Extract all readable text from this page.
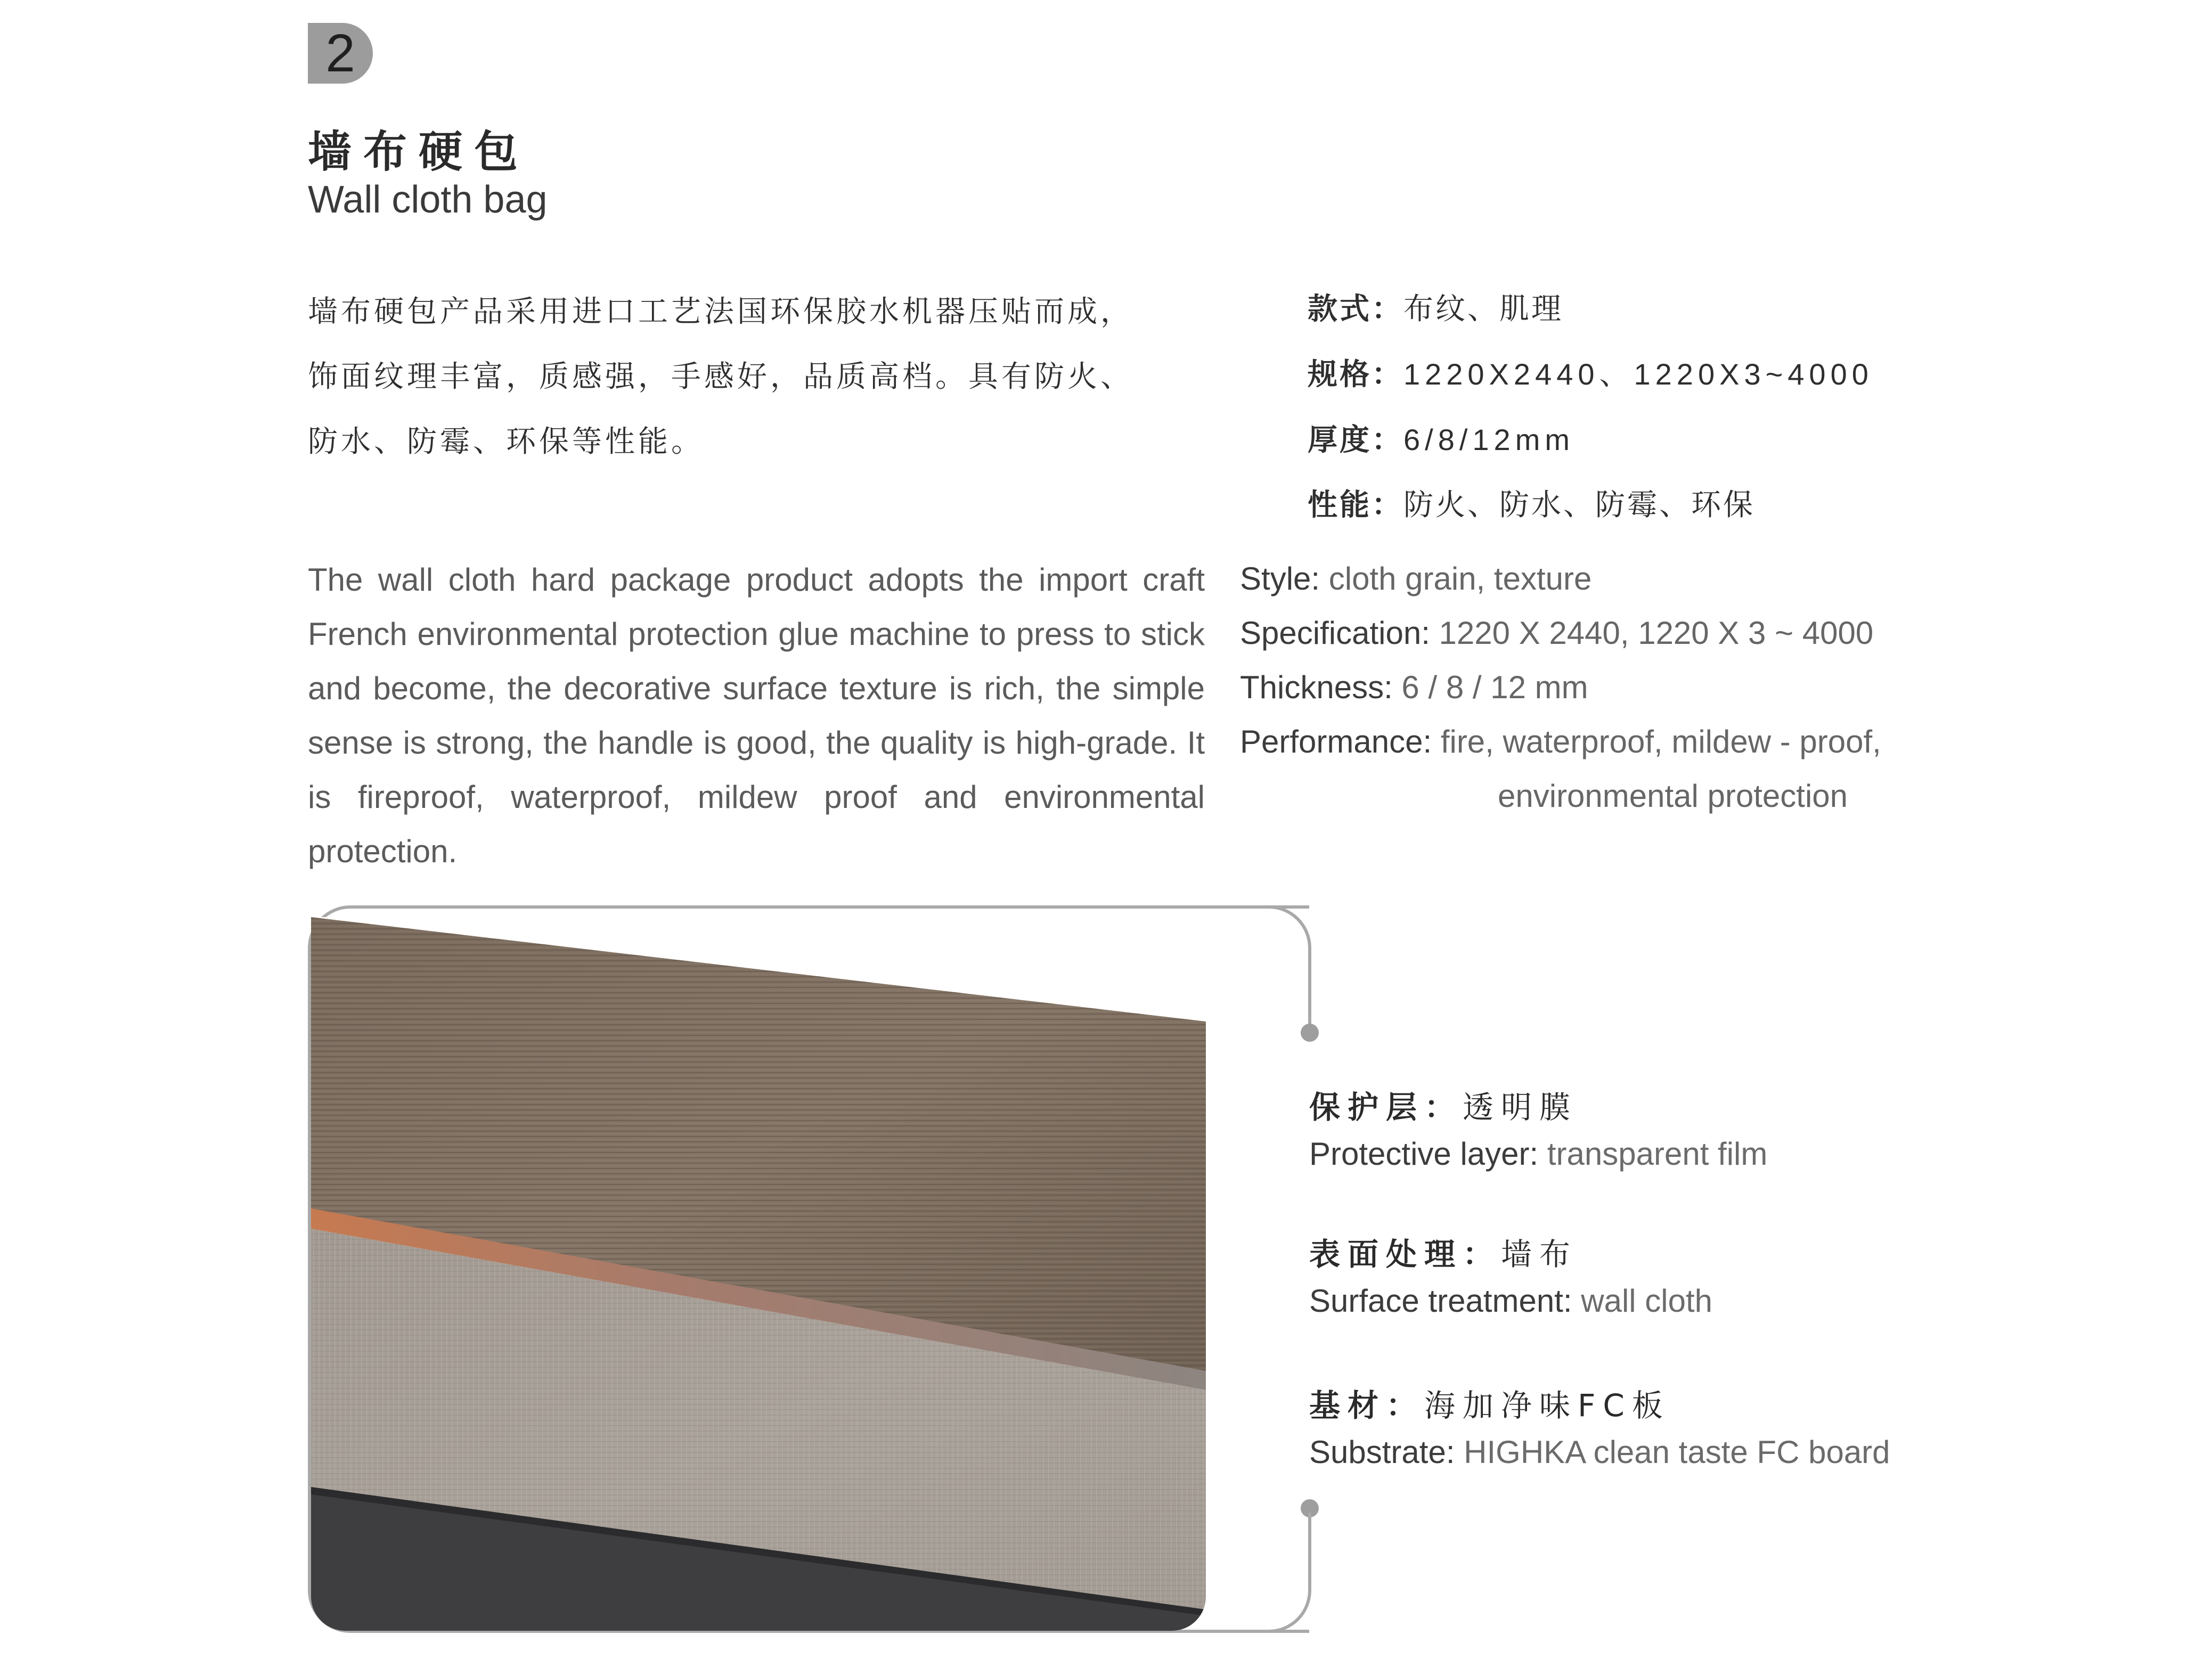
2
墙布硬包
Wall cloth bag
墙布硬包产品采用进口工艺法国环保胶水机器压贴而成，
饰面纹理丰富，质感强，手感好，品质高档。具有防火、
防水、防霉、环保等性能。
款式：布纹、肌理
规格：1220X2440、1220X3~4000
厚度：6/8/12mm
性能：防火、防水、防霉、环保
The wall cloth hard package product adopts the import craft French environmental protection glue machine to press to stick and become, the decorative surface texture is rich, the simple sense is strong, the handle is good, the quality is high-grade. It is fireproof, waterproof, mildew proof and environmental protection.
Style: cloth grain, texture
Specification: 1220 X 2440, 1220 X 3 ~ 4000
Thickness: 6 / 8 / 12 mm
Performance: fire, waterproof, mildew - proof,
environmental protection
保护层：透明膜
Protective layer: transparent film
表面处理：墙布
Surface treatment: wall cloth
基材：海加净味FC板
Substrate: HIGHKA clean taste FC board
